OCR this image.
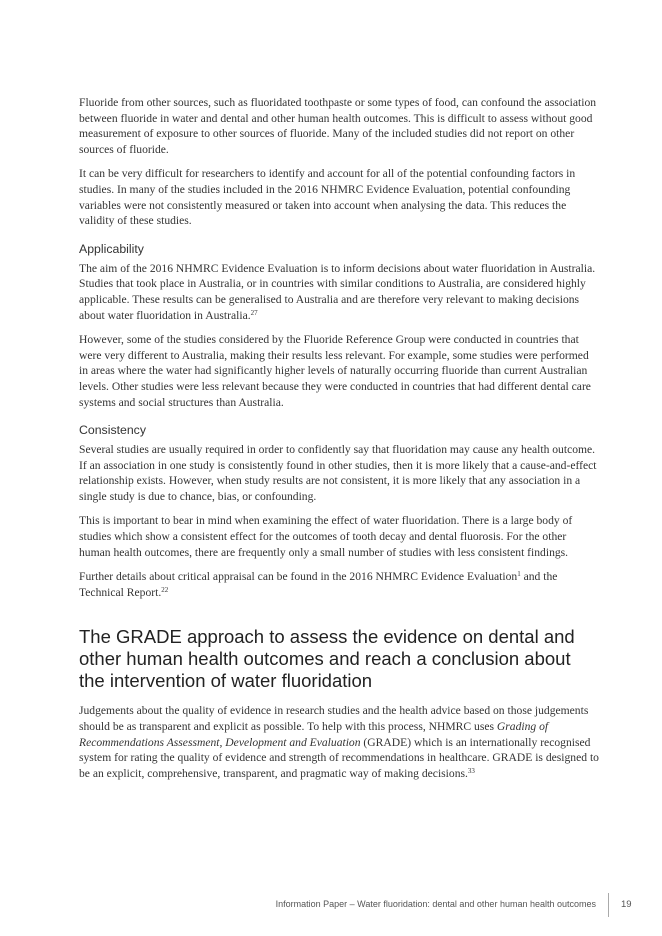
Fluoride from other sources, such as fluoridated toothpaste or some types of food, can confound the association between fluoride in water and dental and other human health outcomes. This is difficult to assess without good measurement of exposure to other sources of fluoride. Many of the included studies did not report on other sources of fluoride.

It can be very difficult for researchers to identify and account for all of the potential confounding factors in studies. In many of the studies included in the 2016 NHMRC Evidence Evaluation, potential confounding variables were not consistently measured or taken into account when analysing the data. This reduces the validity of these studies.

Applicability

The aim of the 2016 NHMRC Evidence Evaluation is to inform decisions about water fluoridation in Australia. Studies that took place in Australia, or in countries with similar conditions to Australia, are considered highly applicable. These results can be generalised to Australia and are therefore very relevant to making decisions about water fluoridation in Australia.$^{27}$

However, some of the studies considered by the Fluoride Reference Group were conducted in countries that were very different to Australia, making their results less relevant. For example, some studies were performed in areas where the water had significantly higher levels of naturally occurring fluoride than current Australian levels. Other studies were less relevant because they were conducted in countries that had different dental care systems and social structures than Australia.

Consistency

Several studies are usually required in order to confidently say that fluoridation may cause any health outcome. If an association in one study is consistently found in other studies, then it is more likely that a cause-and-effect relationship exists. However, when study results are not consistent, it is more likely that any association in a single study is due to chance, bias, or confounding.

This is important to bear in mind when examining the effect of water fluoridation. There is a large body of studies which show a consistent effect for the outcomes of tooth decay and dental fluorosis. For the other human health outcomes, there are frequently only a small number of studies with less consistent findings.

Further details about critical appraisal can be found in the 2016 NHMRC Evidence Evaluation$^1$ and the Technical Report.$^{22}$

The GRADE approach to assess the evidence on dental and other human health outcomes and reach a conclusion about the intervention of water fluoridation

Judgements about the quality of evidence in research studies and the health advice based on those judgements should be as transparent and explicit as possible. To help with this process, NHMRC uses Grading of Recommendations Assessment, Development and Evaluation (GRADE) which is an internationally recognised system for rating the quality of evidence and strength of recommendations in healthcare. GRADE is designed to be an explicit, comprehensive, transparent, and pragmatic way of making decisions.$^{33}$

Information Paper – Water fluoridation: dental and other human health outcomes	19
